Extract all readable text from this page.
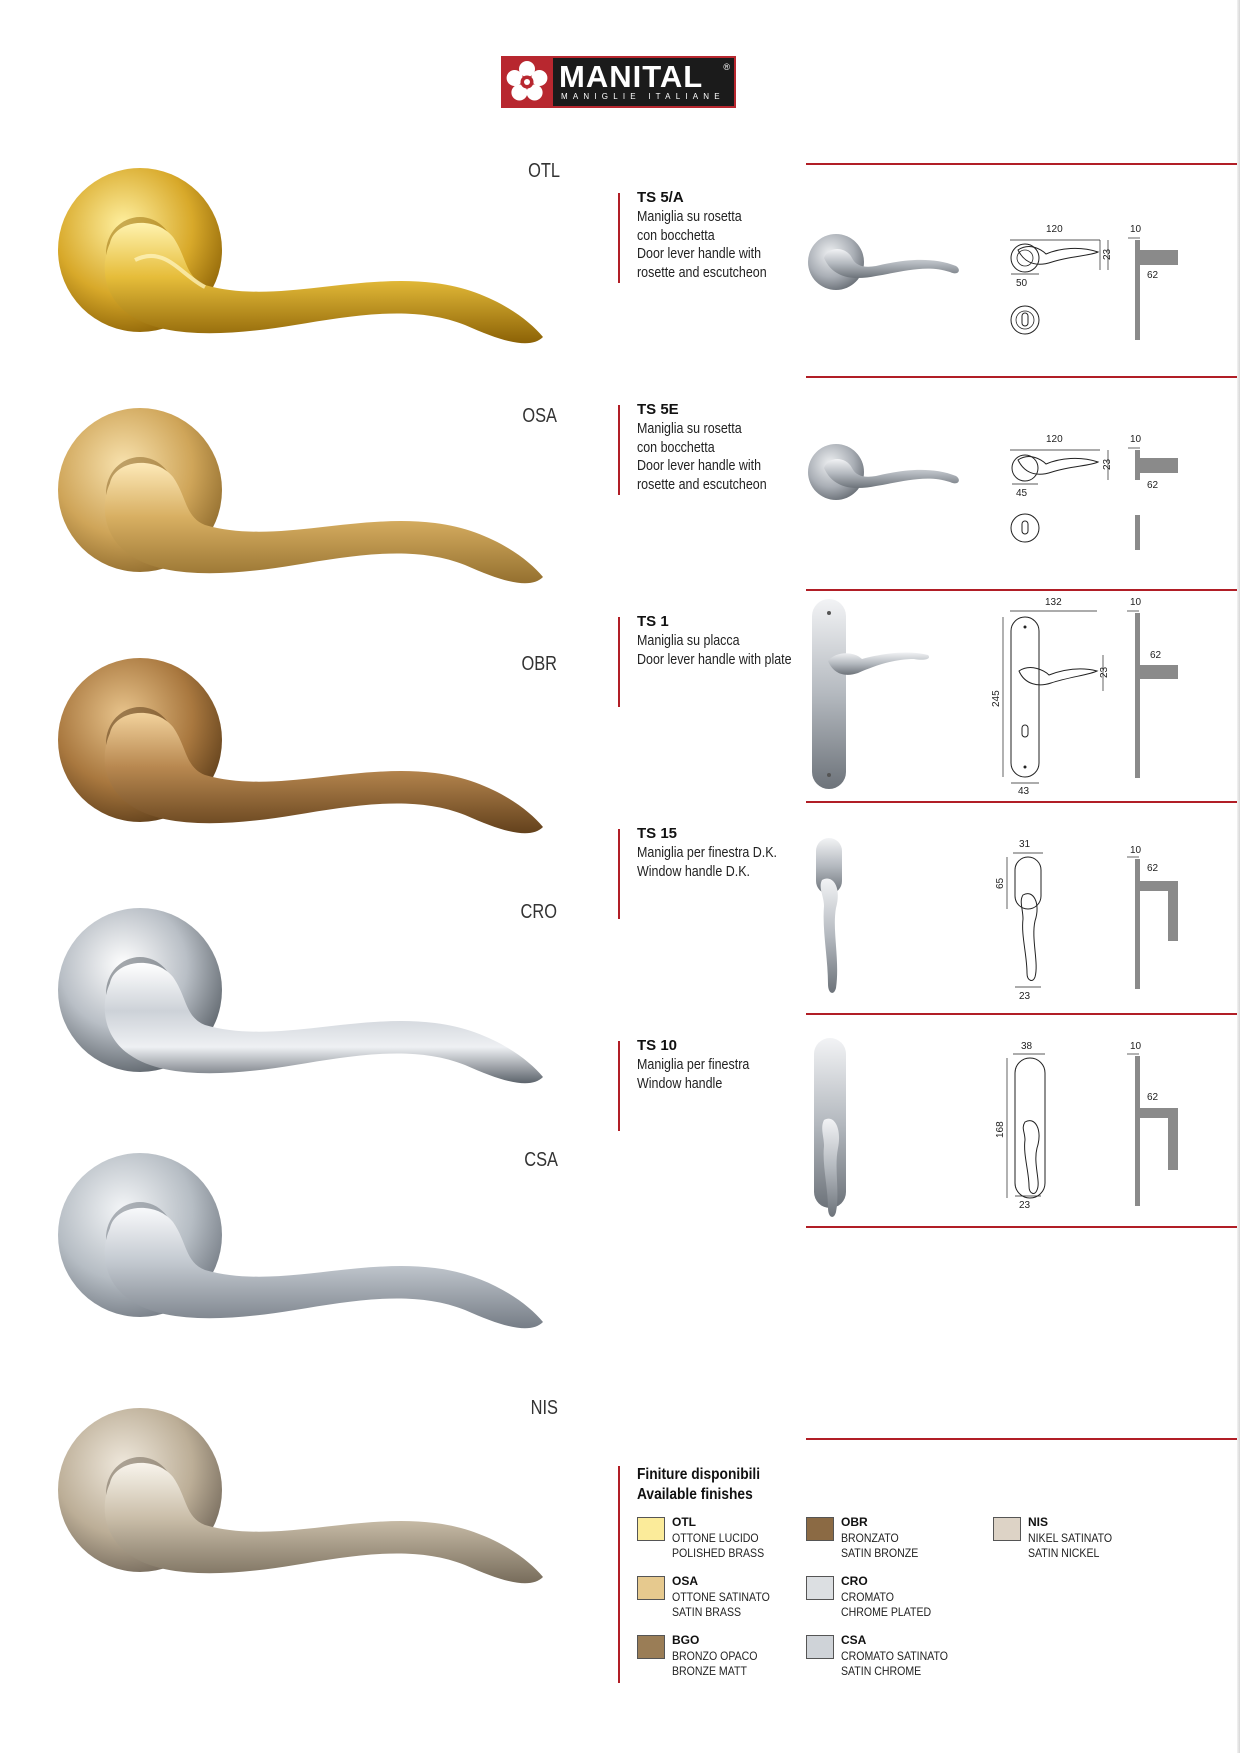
MANITAL ®
MANIGLIE ITALIANE
OTL
OSA
OBR
CRO
CSA
NIS
TS 5/A
Maniglia su rosetta
con bocchetta
Door lever handle with
rosette and escutcheon
120
23
50
10
62
TS 5E
Maniglia su rosetta
con bocchetta
Door lever handle with
rosette and escutcheon
120
23
45
10
62
TS 1
Maniglia su placca
Door lever handle with plate
132
23
245
43
10
62
TS 15
Maniglia per finestra D.K.
Window handle D.K.
31
65
23
10
62
TS 10
Maniglia per finestra
Window handle
38
168
23
10
62
Finiture disponibili
Available finishes
OTL
OTTONE LUCIDO
POLISHED BRASS
OBR
BRONZATO
SATIN BRONZE
NIS
NIKEL SATINATO
SATIN NICKEL
OSA
OTTONE SATINATO
SATIN BRASS
CRO
CROMATO
CHROME PLATED
BGO
BRONZO OPACO
BRONZE MATT
CSA
CROMATO SATINATO
SATIN CHROME
